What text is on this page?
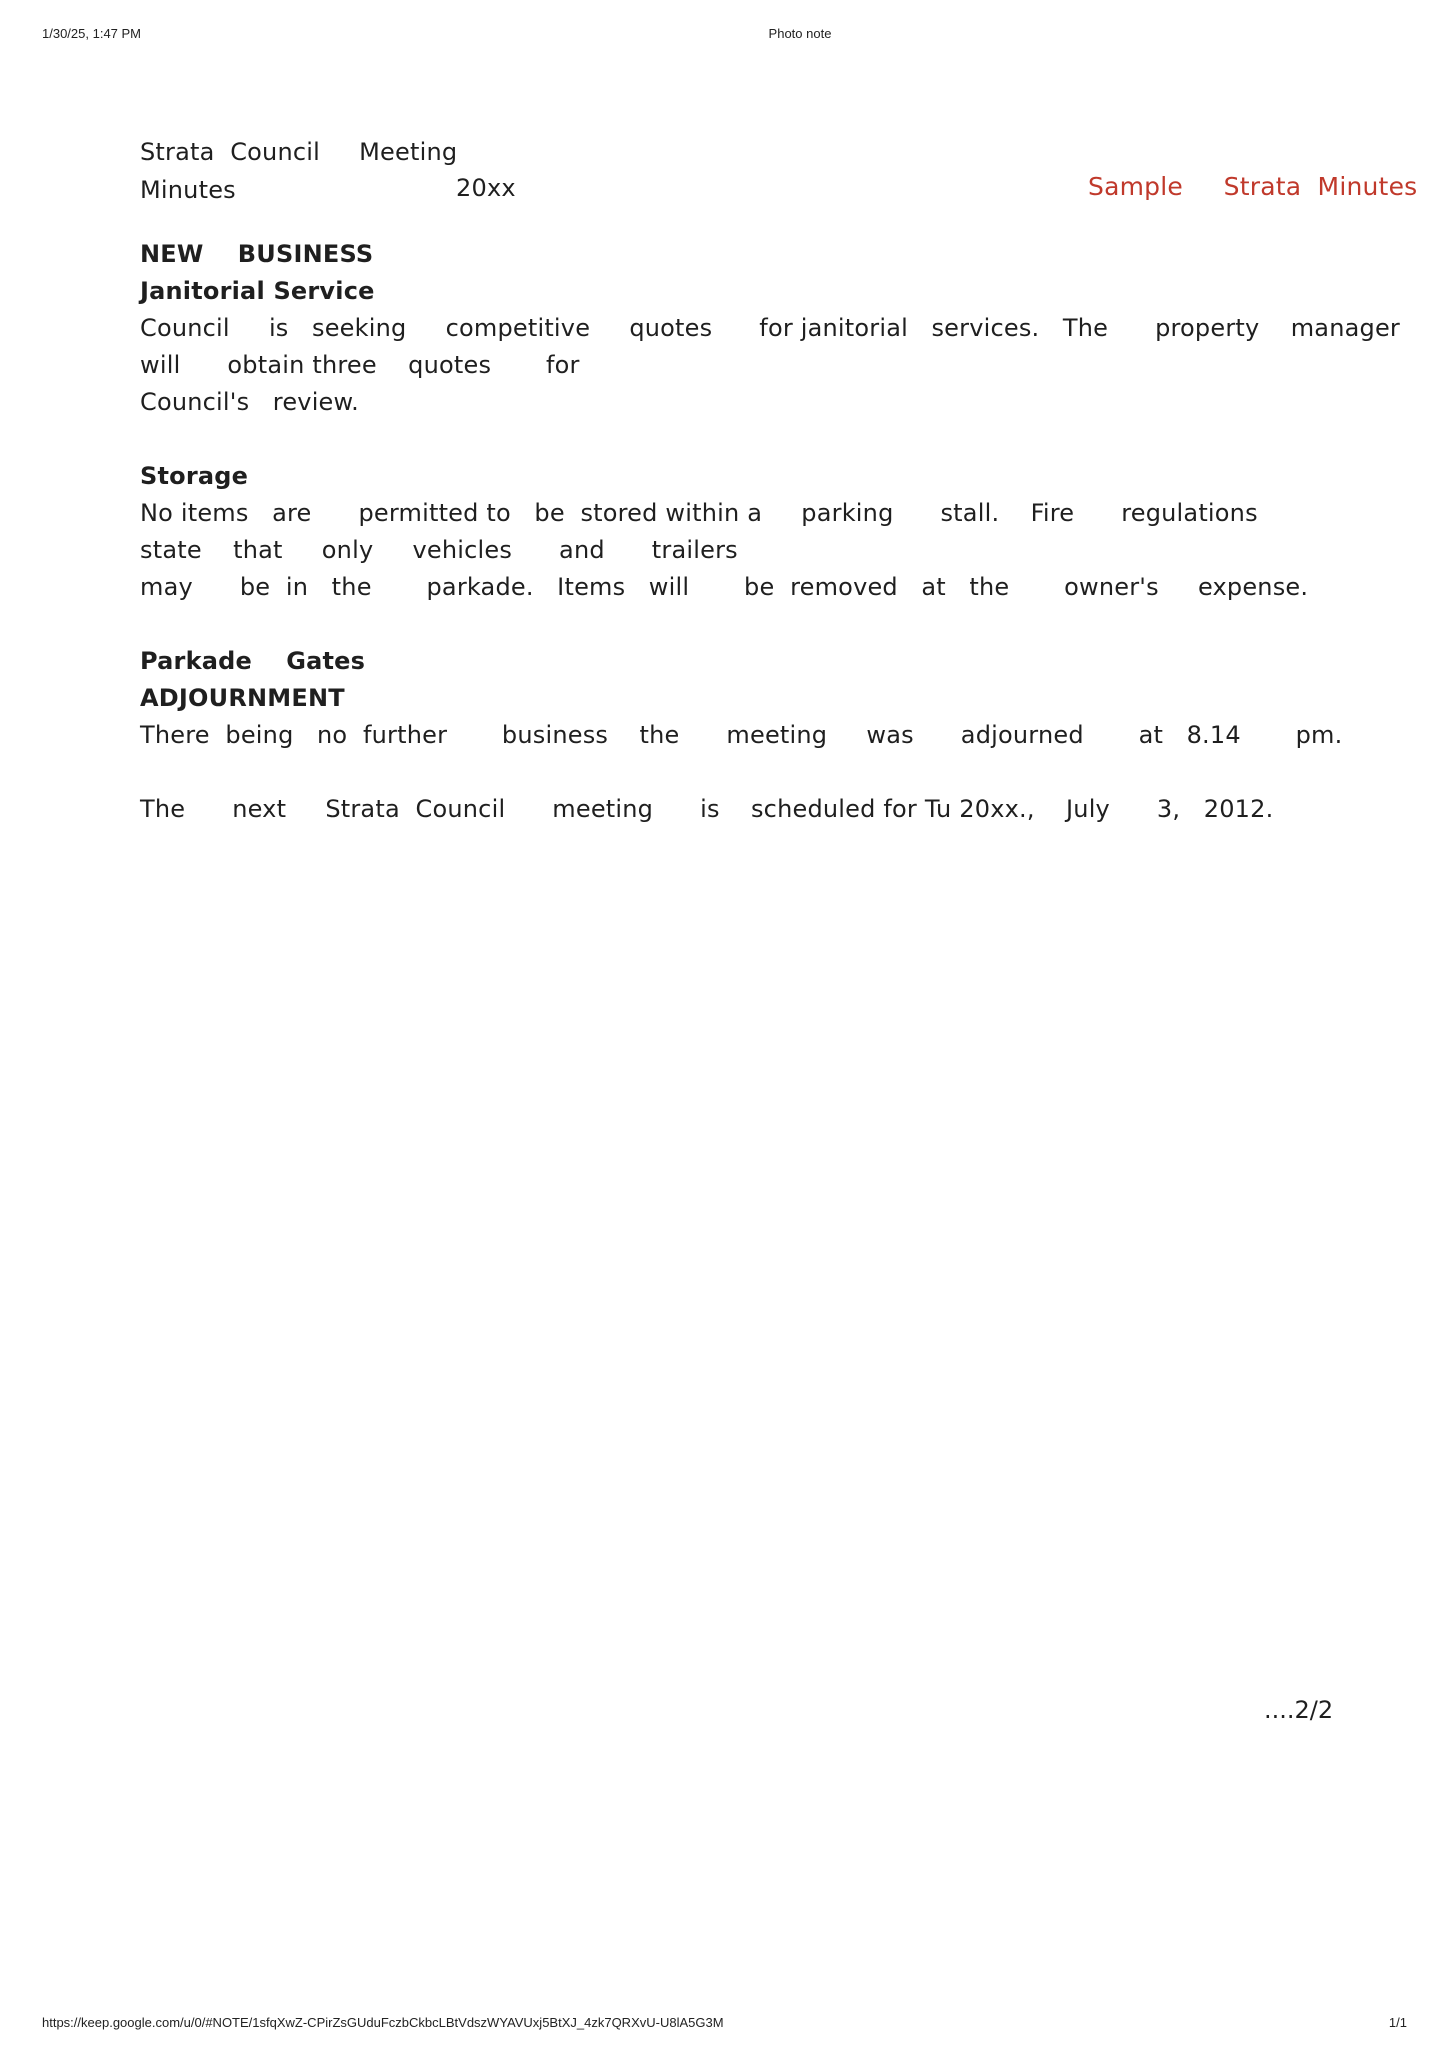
1/30/25, 1:47 PM	Photo note
Strata  Council     Meeting
Minutes	20xx	Sample     Strata  Minutes

NEW    BUSINESS

Janitorial Service

Council     is   seeking     competitive     quotes      for janitorial   services.   The      property    manager

will      obtain three    quotes       for

Council's   review.

Storage

No items   are      permitted to   be  stored within a     parking      stall.    Fire      regulations

state    that     only     vehicles      and      trailers

may      be  in   the       parkade.   Items   will       be  removed   at   the       owner's     expense.

Parkade    Gates

ADJOURNMENT

There  being   no  further       business    the      meeting     was      adjourned       at   8.14       pm.

The      next     Strata  Council      meeting      is    scheduled for Tu 20xx.,    July      3,   2012.

....2/2
https://keep.google.com/u/0/#NOTE/1sfqXwZ-CPirZsGUduFczbCkbcLBtVdszWYAVUxj5BtXJ_4zk7QRXvU-U8lA5G3M	1/1
